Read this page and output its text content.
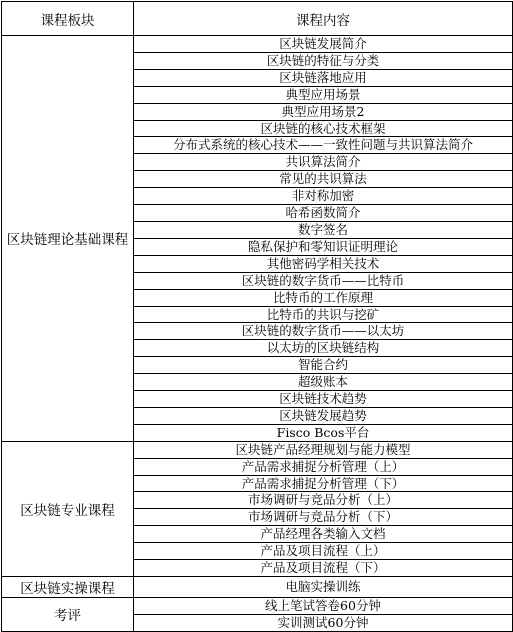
课程板块	课程内容
区块链理论基础课程	区块链发展简介
	区块链的特征与分类
	区块链落地应用
	典型应用场景
	典型应用场景2
	区块链的核心技术框架
	分布式系统的核心技术——一致性问题与共识算法简介
	共识算法简介
	常见的共识算法
	非对称加密
	哈希函数简介
	数字签名
	隐私保护和零知识证明理论
	其他密码学相关技术
	区块链的数字货币——比特币
	比特币的工作原理
	比特币的共识与挖矿
	区块链的数字货币——以太坊
	以太坊的区块链结构
	智能合约
	超级账本
	区块链技术趋势
	区块链发展趋势
	Fisco Bcos平台
区块链专业课程	区块链产品经理规划与能力模型
	产品需求捕捉分析管理（上）
	产品需求捕捉分析管理（下）
	市场调研与竞品分析（上）
	市场调研与竞品分析（下）
	产品经理各类输入文档
	产品及项目流程（上）
	产品及项目流程（下）
区块链实操课程	电脑实操训练
考评	线上笔试答卷60分钟
	实训测试60分钟
